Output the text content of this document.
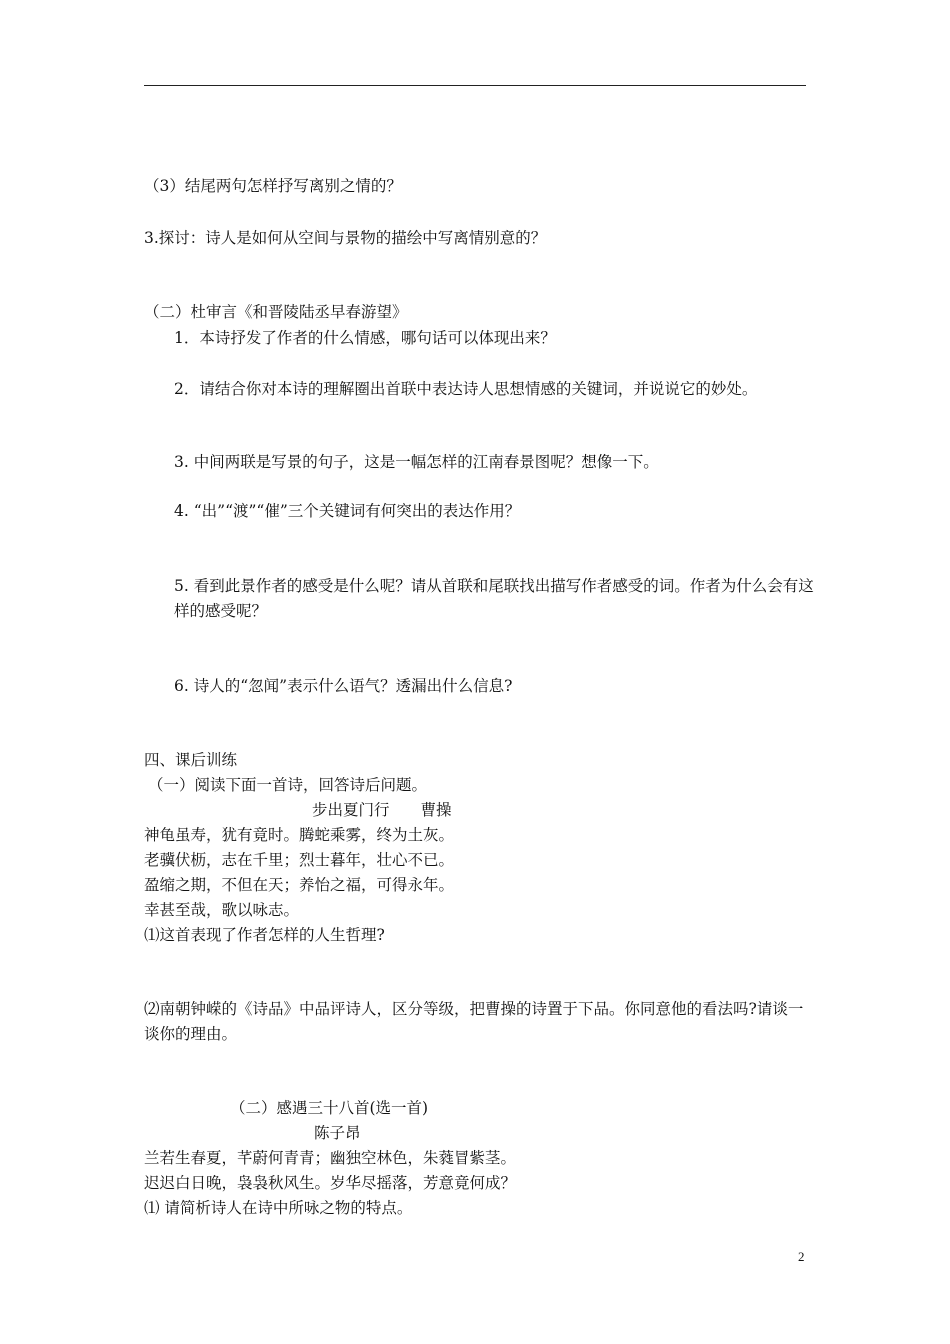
（3）结尾两句怎样抒写离别之情的？
3.探讨：诗人是如何从空间与景物的描绘中写离情别意的？
（二）杜审言《和晋陵陆丞早春游望》
1．本诗抒发了作者的什么情感，哪句话可以体现出来？
2．请结合你对本诗的理解圈出首联中表达诗人思想情感的关键词，并说说它的妙处。
3. 中间两联是写景的句子，这是一幅怎样的江南春景图呢？想像一下。
4. “出”“渡”“催”三个关键词有何突出的表达作用？
5. 看到此景作者的感受是什么呢？请从首联和尾联找出描写作者感受的词。作者为什么会有这样的感受呢？
6. 诗人的“忽闻”表示什么语气？透漏出什么信息?
四、课后训练
（一）阅读下面一首诗，回答诗后问题。
步出夏门行　　曹操
神龟虽寿，犹有竟时。腾蛇乘雾，终为土灰。
老骥伏枥，志在千里；烈士暮年，壮心不已。
盈缩之期，不但在天；养怡之福，可得永年。
幸甚至哉，歌以咏志。
⑴这首表现了作者怎样的人生哲理?
⑵南朝钟嵘的《诗品》中品评诗人，区分等级，把曹操的诗置于下品。你同意他的看法吗?请谈一谈你的理由。
（二）感遇三十八首(选一首)
陈子昂
兰若生春夏，芊蔚何青青；幽独空林色，朱蕤冒紫茎。
迟迟白日晚，袅袅秋风生。岁华尽摇落，芳意竟何成？
⑴ 请简析诗人在诗中所咏之物的特点。
2
